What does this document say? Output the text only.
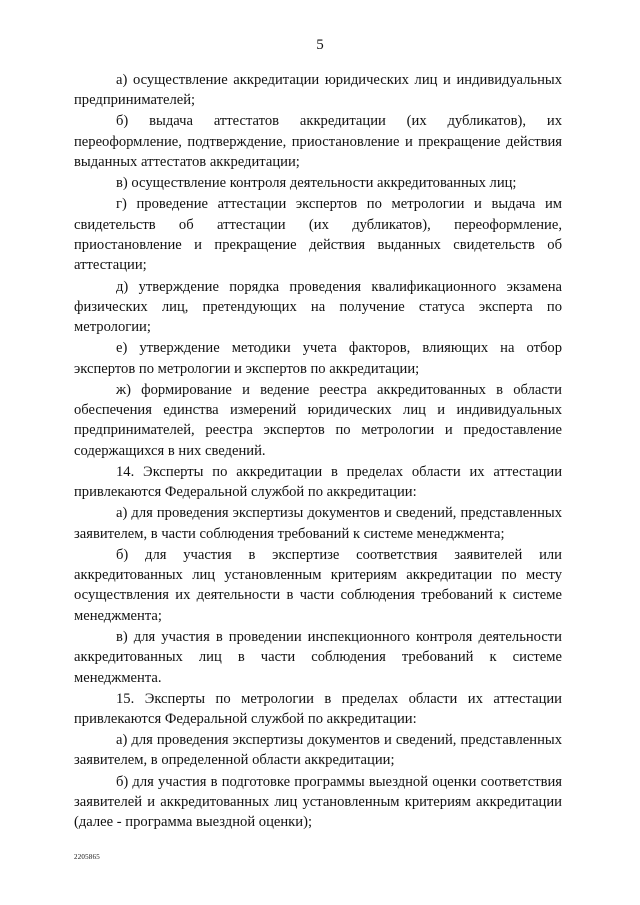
5

а) осуществление аккредитации юридических лиц и индивидуальных предпринимателей;

б) выдача аттестатов аккредитации (их дубликатов), их переоформление, подтверждение, приостановление и прекращение действия выданных аттестатов аккредитации;

в) осуществление контроля деятельности аккредитованных лиц;

г) проведение аттестации экспертов по метрологии и выдача им свидетельств об аттестации (их дубликатов), переоформление, приостановление и прекращение действия выданных свидетельств об аттестации;

д) утверждение порядка проведения квалификационного экзамена физических лиц, претендующих на получение статуса эксперта по метрологии;

е) утверждение методики учета факторов, влияющих на отбор экспертов по метрологии и экспертов по аккредитации;

ж) формирование и ведение реестра аккредитованных в области обеспечения единства измерений юридических лиц и индивидуальных предпринимателей, реестра экспертов по метрологии и предоставление содержащихся в них сведений.

14. Эксперты по аккредитации в пределах области их аттестации привлекаются Федеральной службой по аккредитации:

а) для проведения экспертизы документов и сведений, представленных заявителем, в части соблюдения требований к системе менеджмента;

б) для участия в экспертизе соответствия заявителей или аккредитованных лиц установленным критериям аккредитации по месту осуществления их деятельности в части соблюдения требований к системе менеджмента;

в) для участия в проведении инспекционного контроля деятельности аккредитованных лиц в части соблюдения требований к системе менеджмента.

15. Эксперты по метрологии в пределах области их аттестации привлекаются Федеральной службой по аккредитации:

а) для проведения экспертизы документов и сведений, представленных заявителем, в определенной области аккредитации;

б) для участия в подготовке программы выездной оценки соответствия заявителей и аккредитованных лиц установленным критериям аккредитации (далее - программа выездной оценки);

2205865
